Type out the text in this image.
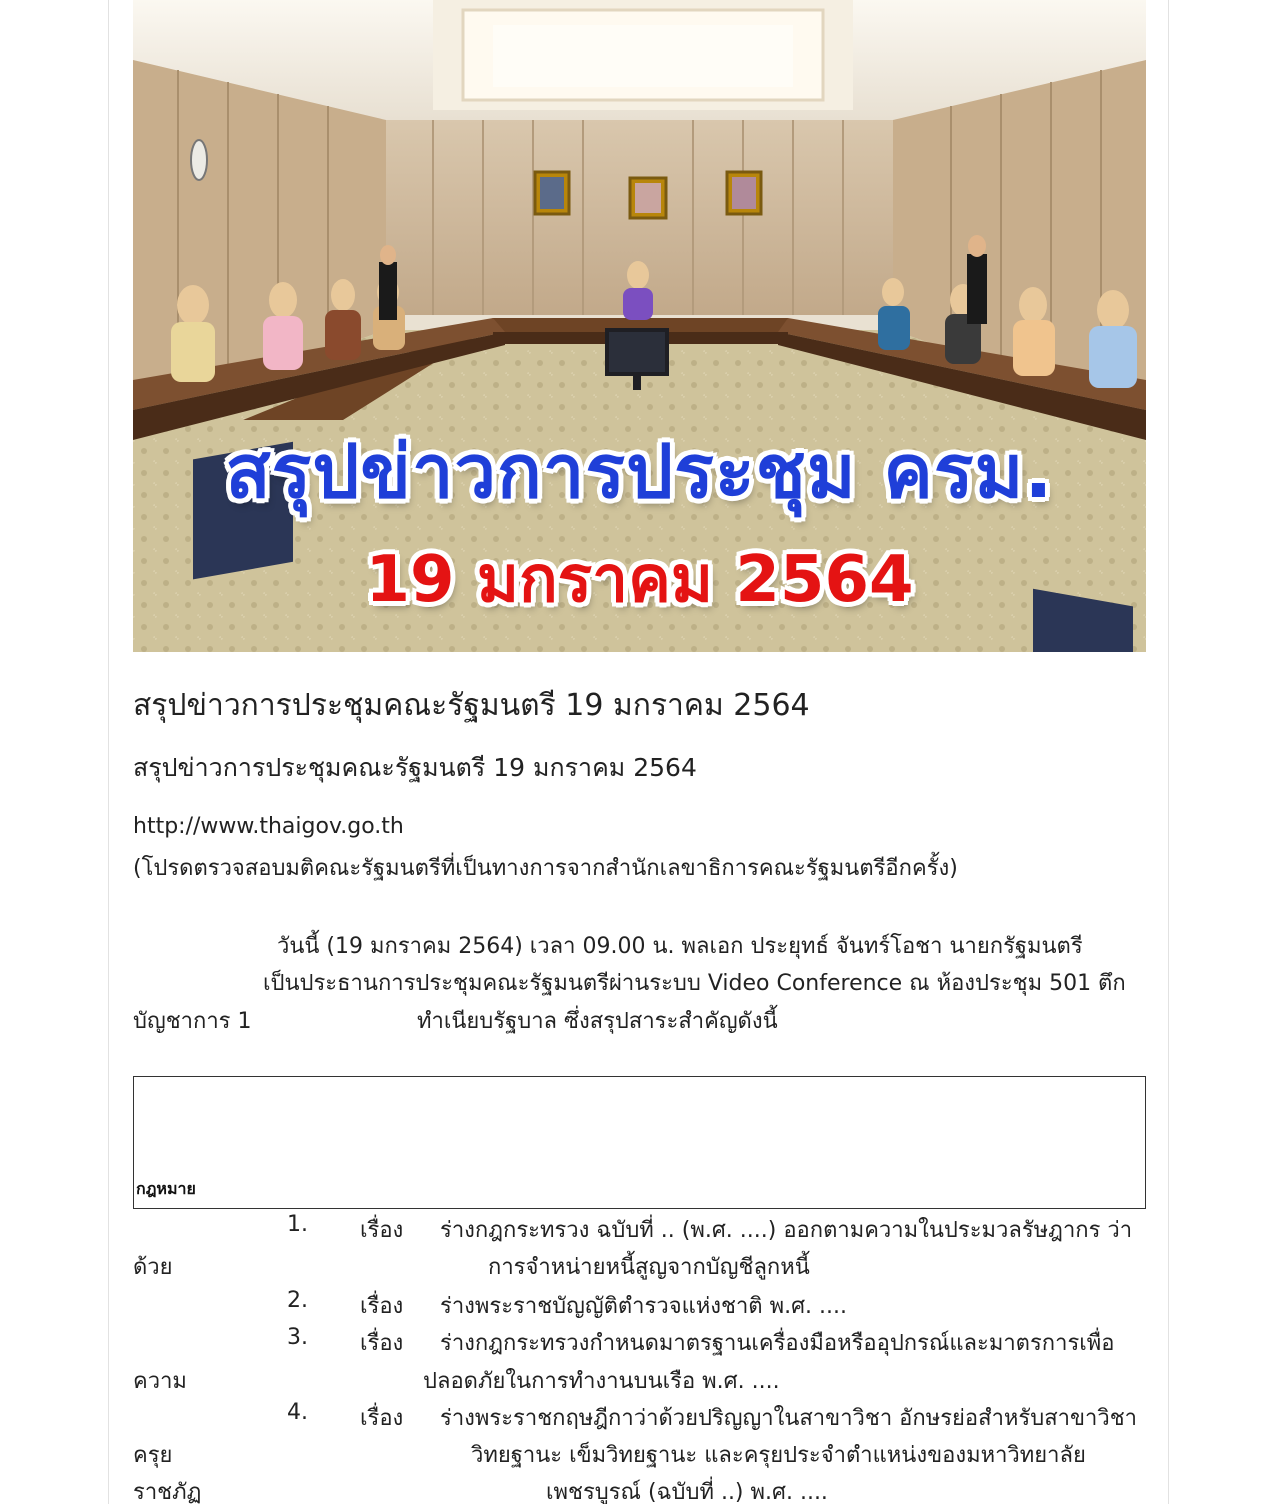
สรุปข่าวการประชุม ครม.
19 มกราคม 2564
สรุปข่าวการประชุมคณะรัฐมนตรี 19 มกราคม 2564
สรุปข่าวการประชุมคณะรัฐมนตรี 19 มกราคม 2564
http://www.thaigov.go.th
(โปรดตรวจสอบมติคณะรัฐมนตรีที่เป็นทางการจากสำนักเลขาธิการคณะรัฐมนตรีอีกครั้ง)
วันนี้ (19 มกราคม 2564) เวลา 09.00 น. พลเอก ประยุทธ์ จันทร์โอชา นายกรัฐมนตรี
เป็นประธานการประชุมคณะรัฐมนตรีผ่านระบบ Video Conference ณ ห้องประชุม 501 ตึก
บัญชาการ 1	ทำเนียบรัฐบาล ซึ่งสรุปสาระสำคัญดังนี้
กฎหมาย
1. เรื่อง ร่างกฎกระทรวง ฉบับที่ .. (พ.ศ. ....) ออกตามความในประมวลรัษฎากร ว่า
ด้วย	การจำหน่ายหนี้สูญจากบัญชีลูกหนี้
2. เรื่อง ร่างพระราชบัญญัติตำรวจแห่งชาติ พ.ศ. ....
3. เรื่อง ร่างกฎกระทรวงกำหนดมาตรฐานเครื่องมือหรืออุปกรณ์และมาตรการเพื่อ
ความ	ปลอดภัยในการทำงานบนเรือ พ.ศ. ....
4. เรื่อง ร่างพระราชกฤษฎีกาว่าด้วยปริญญาในสาขาวิชา อักษรย่อสำหรับสาขาวิชา
ครุย	วิทยฐานะ เข็มวิทยฐานะ และครุยประจำตำแหน่งของมหาวิทยาลัย
ราชภัฏ	เพชรบูรณ์ (ฉบับที่ ..) พ.ศ. ....
